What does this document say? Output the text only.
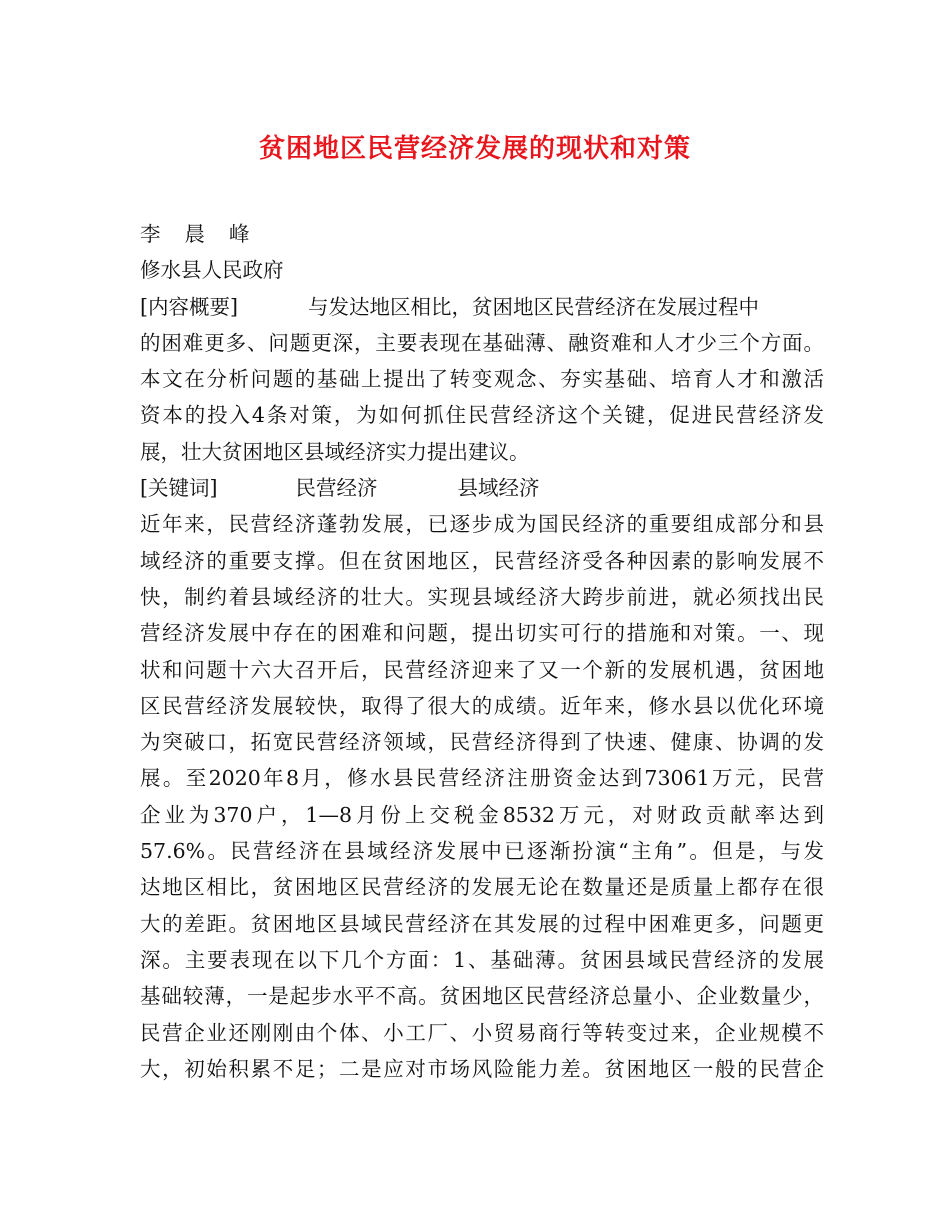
贫困地区民营经济发展的现状和对策
李晨峰
修水县人民政府
[内容概要]	与发达地区相比，贫困地区民营经济在发展过程中
的困难更多、问题更深，主要表现在基础薄、融资难和人才少三个方面。
本文在分析问题的基础上提出了转变观念、夯实基础、培育人才和激活
资本的投入4条对策，为如何抓住民营经济这个关键，促进民营经济发
展，壮大贫困地区县域经济实力提出建议。
[关键词]	民营经济	县域经济
近年来，民营经济蓬勃发展，已逐步成为国民经济的重要组成部分和县
域经济的重要支撑。但在贫困地区，民营经济受各种因素的影响发展不
快，制约着县域经济的壮大。实现县域经济大跨步前进，就必须找出民
营经济发展中存在的困难和问题，提出切实可行的措施和对策。一、现
状和问题十六大召开后，民营经济迎来了又一个新的发展机遇，贫困地
区民营经济发展较快，取得了很大的成绩。近年来，修水县以优化环境
为突破口，拓宽民营经济领域，民营经济得到了快速、健康、协调的发
展。至2020年8月，修水县民营经济注册资金达到73061万元，民营
企业为370户，1—8月份上交税金8532万元，对财政贡献率达到
57.6%。民营经济在县域经济发展中已逐渐扮演“主角”。但是，与发
达地区相比，贫困地区民营经济的发展无论在数量还是质量上都存在很
大的差距。贫困地区县域民营经济在其发展的过程中困难更多，问题更
深。主要表现在以下几个方面：1、基础薄。贫困县域民营经济的发展
基础较薄，一是起步水平不高。贫困地区民营经济总量小、企业数量少，
民营企业还刚刚由个体、小工厂、小贸易商行等转变过来，企业规模不
大，初始积累不足；二是应对市场风险能力差。贫困地区一般的民营企
